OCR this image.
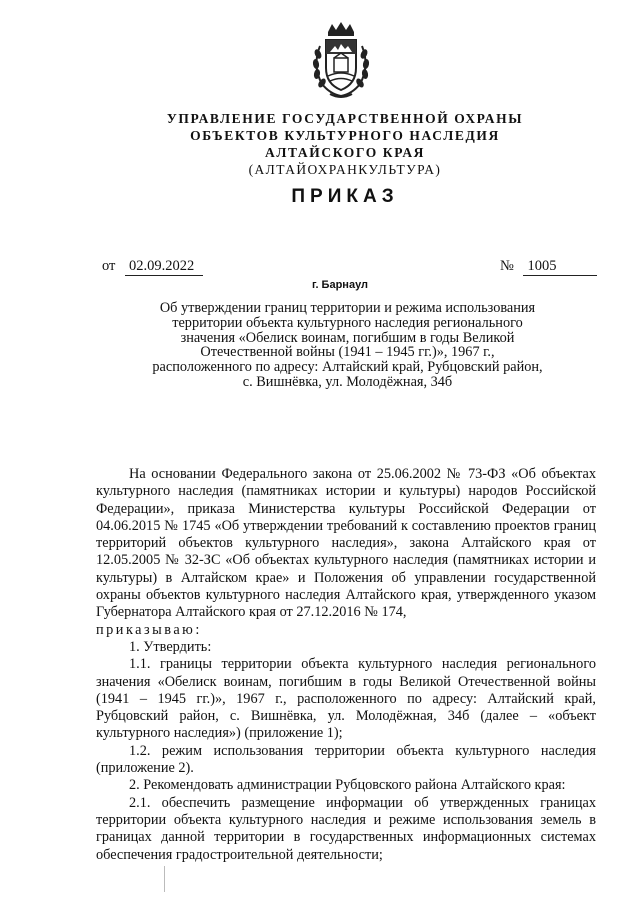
УПРАВЛЕНИЕ ГОСУДАРСТВЕННОЙ ОХРАНЫ
ОБЪЕКТОВ КУЛЬТУРНОГО НАСЛЕДИЯ
АЛТАЙСКОГО КРАЯ
(АЛТАЙОХРАНКУЛЬТУРА)
ПРИКАЗ
от 02.09.2022	№ 1005
г. Барнаул
Об утверждении границ территории и режима использования
территории объекта культурного наследия регионального
значения «Обелиск воинам, погибшим в годы Великой
Отечественной войны (1941 – 1945 гг.)», 1967 г.,
расположенного по адресу: Алтайский край, Рубцовский район,
с. Вишнёвка, ул. Молодёжная, 34б

На основании Федерального закона от 25.06.2002 № 73-ФЗ «Об объектах культурного наследия (памятниках истории и культуры) народов Российской Федерации», приказа Министерства культуры Российской Федерации от 04.06.2015 № 1745 «Об утверждении требований к составлению проектов границ территорий объектов культурного наследия», закона Алтайского края от 12.05.2005 № 32-ЗС «Об объектах культурного наследия (памятниках истории и культуры) в Алтайском крае» и Положения об управлении государственной охраны объектов культурного наследия Алтайского края, утвержденного указом Губернатора Алтайского края от 27.12.2016 № 174,

приказываю:

1. Утвердить:

1.1. границы территории объекта культурного наследия регионального значения «Обелиск воинам, погибшим в годы Великой Отечественной войны (1941 – 1945 гг.)», 1967 г., расположенного по адресу: Алтайский край, Рубцовский район, с. Вишнёвка, ул. Молодёжная, 34б (далее – «объект культурного наследия») (приложение 1);

1.2. режим использования территории объекта культурного наследия (приложение 2).

2. Рекомендовать администрации Рубцовского района Алтайского края:

2.1. обеспечить размещение информации об утвержденных границах территории объекта культурного наследия и режиме использования земель в границах данной территории в государственных информационных системах обеспечения градостроительной деятельности;
